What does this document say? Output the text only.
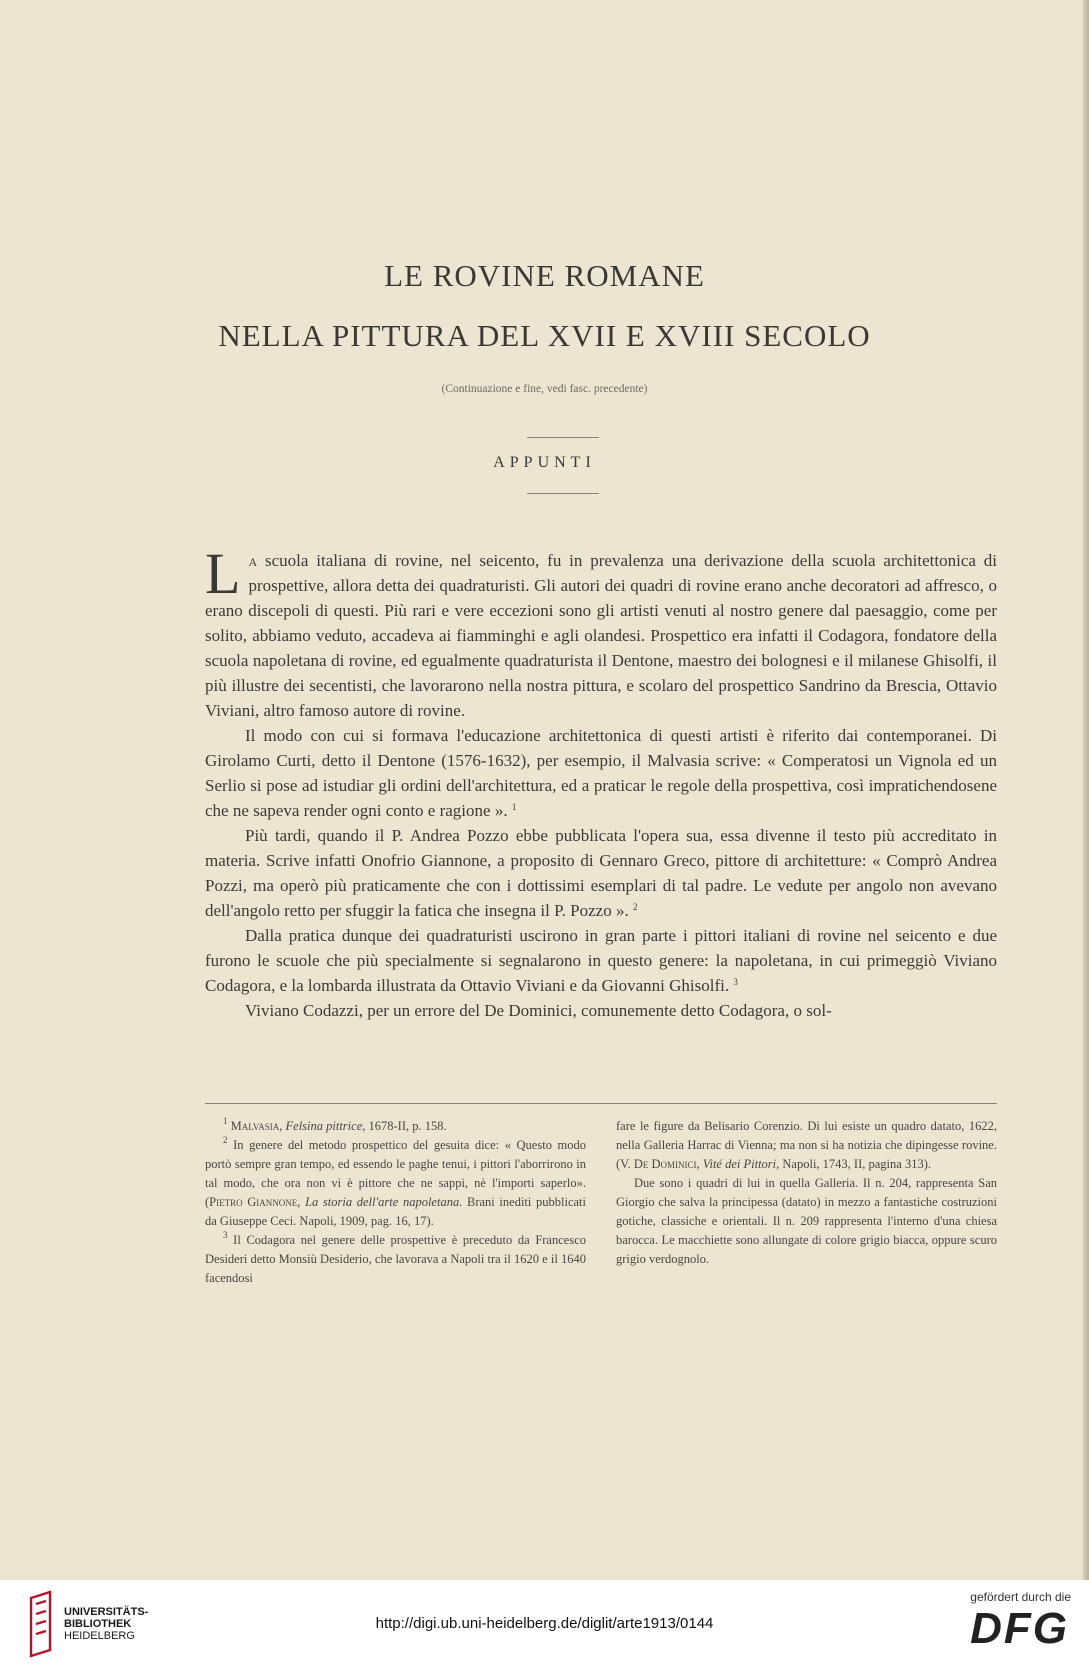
LE ROVINE ROMANE
NELLA PITTURA DEL XVII E XVIII SECOLO
(Continuazione e fine, vedi fasc. precedente)
APPUNTI

La scuola italiana di rovine, nel seicento, fu in prevalenza una derivazione della scuola architettonica di prospettive, allora detta dei quadraturisti. Gli autori dei quadri di rovine erano anche decoratori ad affresco, o erano discepoli di questi. Più rari e vere eccezioni sono gli artisti venuti al nostro genere dal paesaggio, come per solito, abbiamo veduto, accadeva ai fiamminghi e agli olandesi. Prospettico era infatti il Codagora, fondatore della scuola napoletana di rovine, ed egualmente quadraturista il Dentone, maestro dei bolognesi e il milanese Ghisolfi, il più illustre dei secentisti, che lavorarono nella nostra pittura, e scolaro del prospettico Sandrino da Brescia, Ottavio Viviani, altro famoso autore di rovine.

Il modo con cui si formava l'educazione architettonica di questi artisti è riferito dai contemporanei. Di Girolamo Curti, detto il Dentone (1576-1632), per esempio, il Malvasia scrive: « Comperatosi un Vignola ed un Serlio si pose ad istudiar gli ordini dell'architettura, ed a praticar le regole della prospettiva, così impratichendosene che ne sapeva render ogni conto e ragione ». $^1$

Più tardi, quando il P. Andrea Pozzo ebbe pubblicata l'opera sua, essa divenne il testo più accreditato in materia. Scrive infatti Onofrio Giannone, a proposito di Gennaro Greco, pittore di architetture: « Comprò Andrea Pozzi, ma operò più praticamente che con i dottissimi esemplari di tal padre. Le vedute per angolo non avevano dell'angolo retto per sfuggir la fatica che insegna il P. Pozzo ». $^2$

Dalla pratica dunque dei quadraturisti uscirono in gran parte i pittori italiani di rovine nel seicento e due furono le scuole che più specialmente si segnalarono in questo genere: la napoletana, in cui primeggiò Viviano Codagora, e la lombarda illustrata da Ottavio Viviani e da Giovanni Ghisolfi. $^3$

Viviano Codazzi, per un errore del De Dominici, comunemente detto Codagora, o sol-

$^1$ Malvasia, Felsina pittrice, 1678-II, p. 158.

$^2$ In genere del metodo prospettico del gesuita dice: « Questo modo portò sempre gran tempo, ed essendo le paghe tenui, i pittori l'aborrirono in tal modo, che ora non vi è pittore che ne sappi, nè l'importi saperlo». (Pietro Giannone, La storia dell'arte napoletana. Brani inediti pubblicati da Giuseppe Ceci. Napoli, 1909, pag. 16, 17).

$^3$ Il Codagora nel genere delle prospettive è preceduto da Francesco Desideri detto Monsiù Desiderio, che lavorava a Napoli tra il 1620 e il 1640 facendosi

fare le figure da Belisario Corenzio. Di lui esiste un quadro datato, 1622, nella Galleria Harrac di Vienna; ma non si ha notizia che dipingesse rovine. (V. De Dominici, Vité dei Pittori, Napoli, 1743, II, pagina 313).

Due sono i quadri di lui in quella Galleria. Il n. 204, rappresenta San Giorgio che salva la principessa (datato) in mezzo a fantastiche costruzioni gotiche, classiche e orientali. Il n. 209 rappresenta l'interno d'una chiesa barocca. Le macchiette sono allungate di colore grigio biacca, oppure scuro grigio verdognolo.

UNIVERSITÄTS-
BIBLIOTHEK
HEIDELBERG
http://digi.ub.uni-heidelberg.de/diglit/arte1913/0144
gefördert durch die
DFG
